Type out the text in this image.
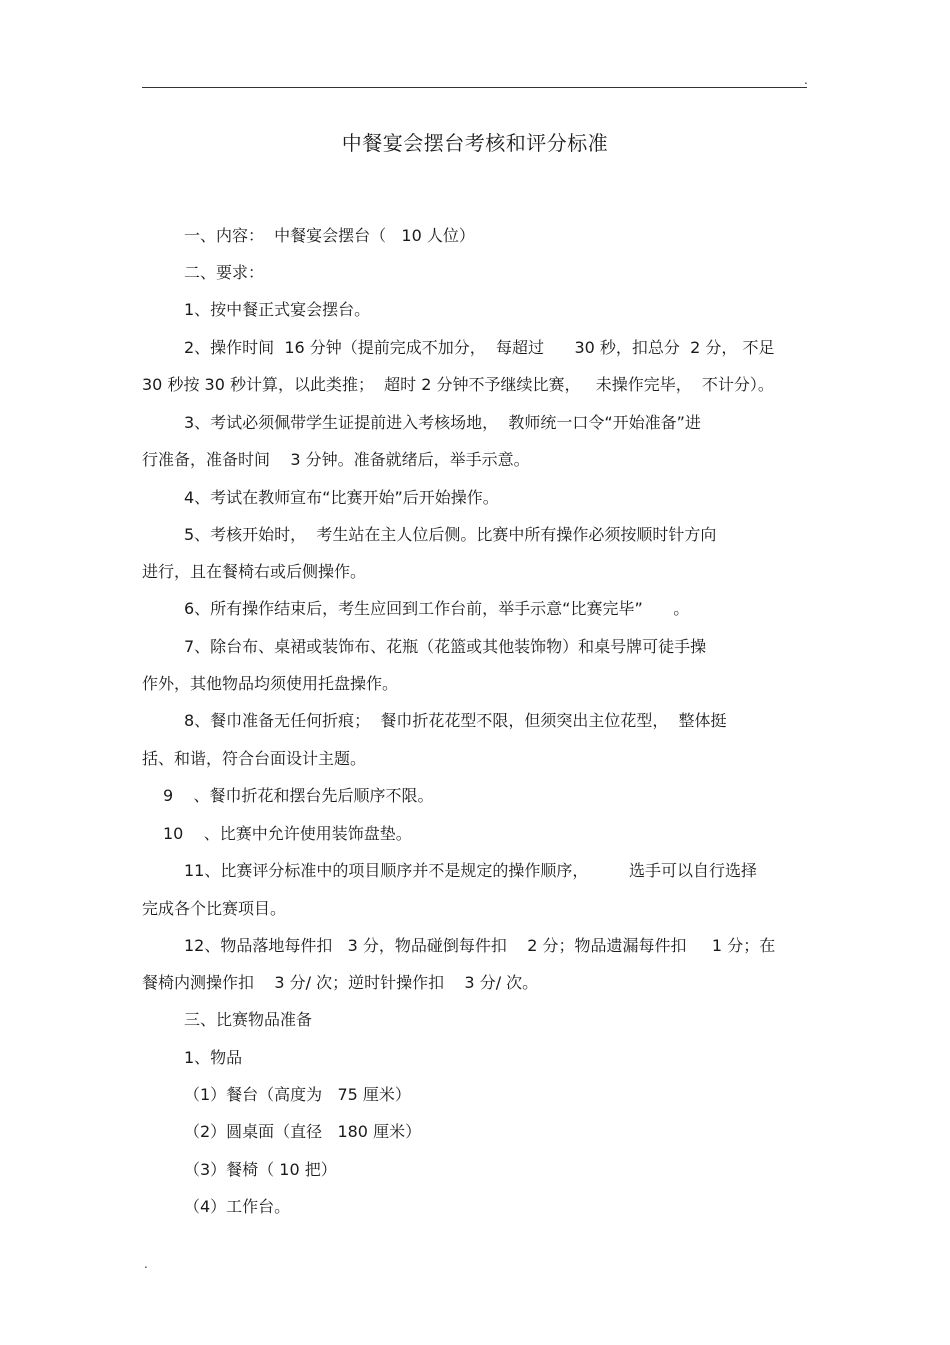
.
中餐宴会摆台考核和评分标准
一、内容：  中餐宴会摆台（   10 人位）
二、要求：
1、按中餐正式宴会摆台。
2、操作时间  16 分钟（提前完成不加分，  每超过      30 秒，扣总分  2 分， 不足
30 秒按 30 秒计算，以此类推；  超时 2 分钟不予继续比赛，   未操作完毕，  不计分）。
3、考试必须佩带学生证提前进入考核场地，  教师统一口令“开始准备”进
行准备，准备时间    3 分钟。准备就绪后，举手示意。
4、考试在教师宣布“比赛开始”后开始操作。
5、考核开始时，  考生站在主人位后侧。比赛中所有操作必须按顺时针方向
进行，且在餐椅右或后侧操作。
6、所有操作结束后，考生应回到工作台前，举手示意“比赛完毕”      。
7、除台布、桌裙或装饰布、花瓶（花篮或其他装饰物）和桌号牌可徒手操
作外，其他物品均须使用托盘操作。
8、餐巾准备无任何折痕；  餐巾折花花型不限，但须突出主位花型，  整体挺
括、和谐，符合台面设计主题。
9    、餐巾折花和摆台先后顺序不限。
10    、比赛中允许使用装饰盘垫。
11、比赛评分标准中的项目顺序并不是规定的操作顺序，        选手可以自行选择
完成各个比赛项目。
12、物品落地每件扣   3 分，物品碰倒每件扣    2 分；物品遗漏每件扣     1 分；在
餐椅内测操作扣    3 分/ 次；逆时针操作扣    3 分/ 次。
三、比赛物品准备
1、物品
（1）餐台（高度为   75 厘米）
（2）圆桌面（直径   180 厘米）
（3）餐椅（ 10 把）
（4）工作台。
.
